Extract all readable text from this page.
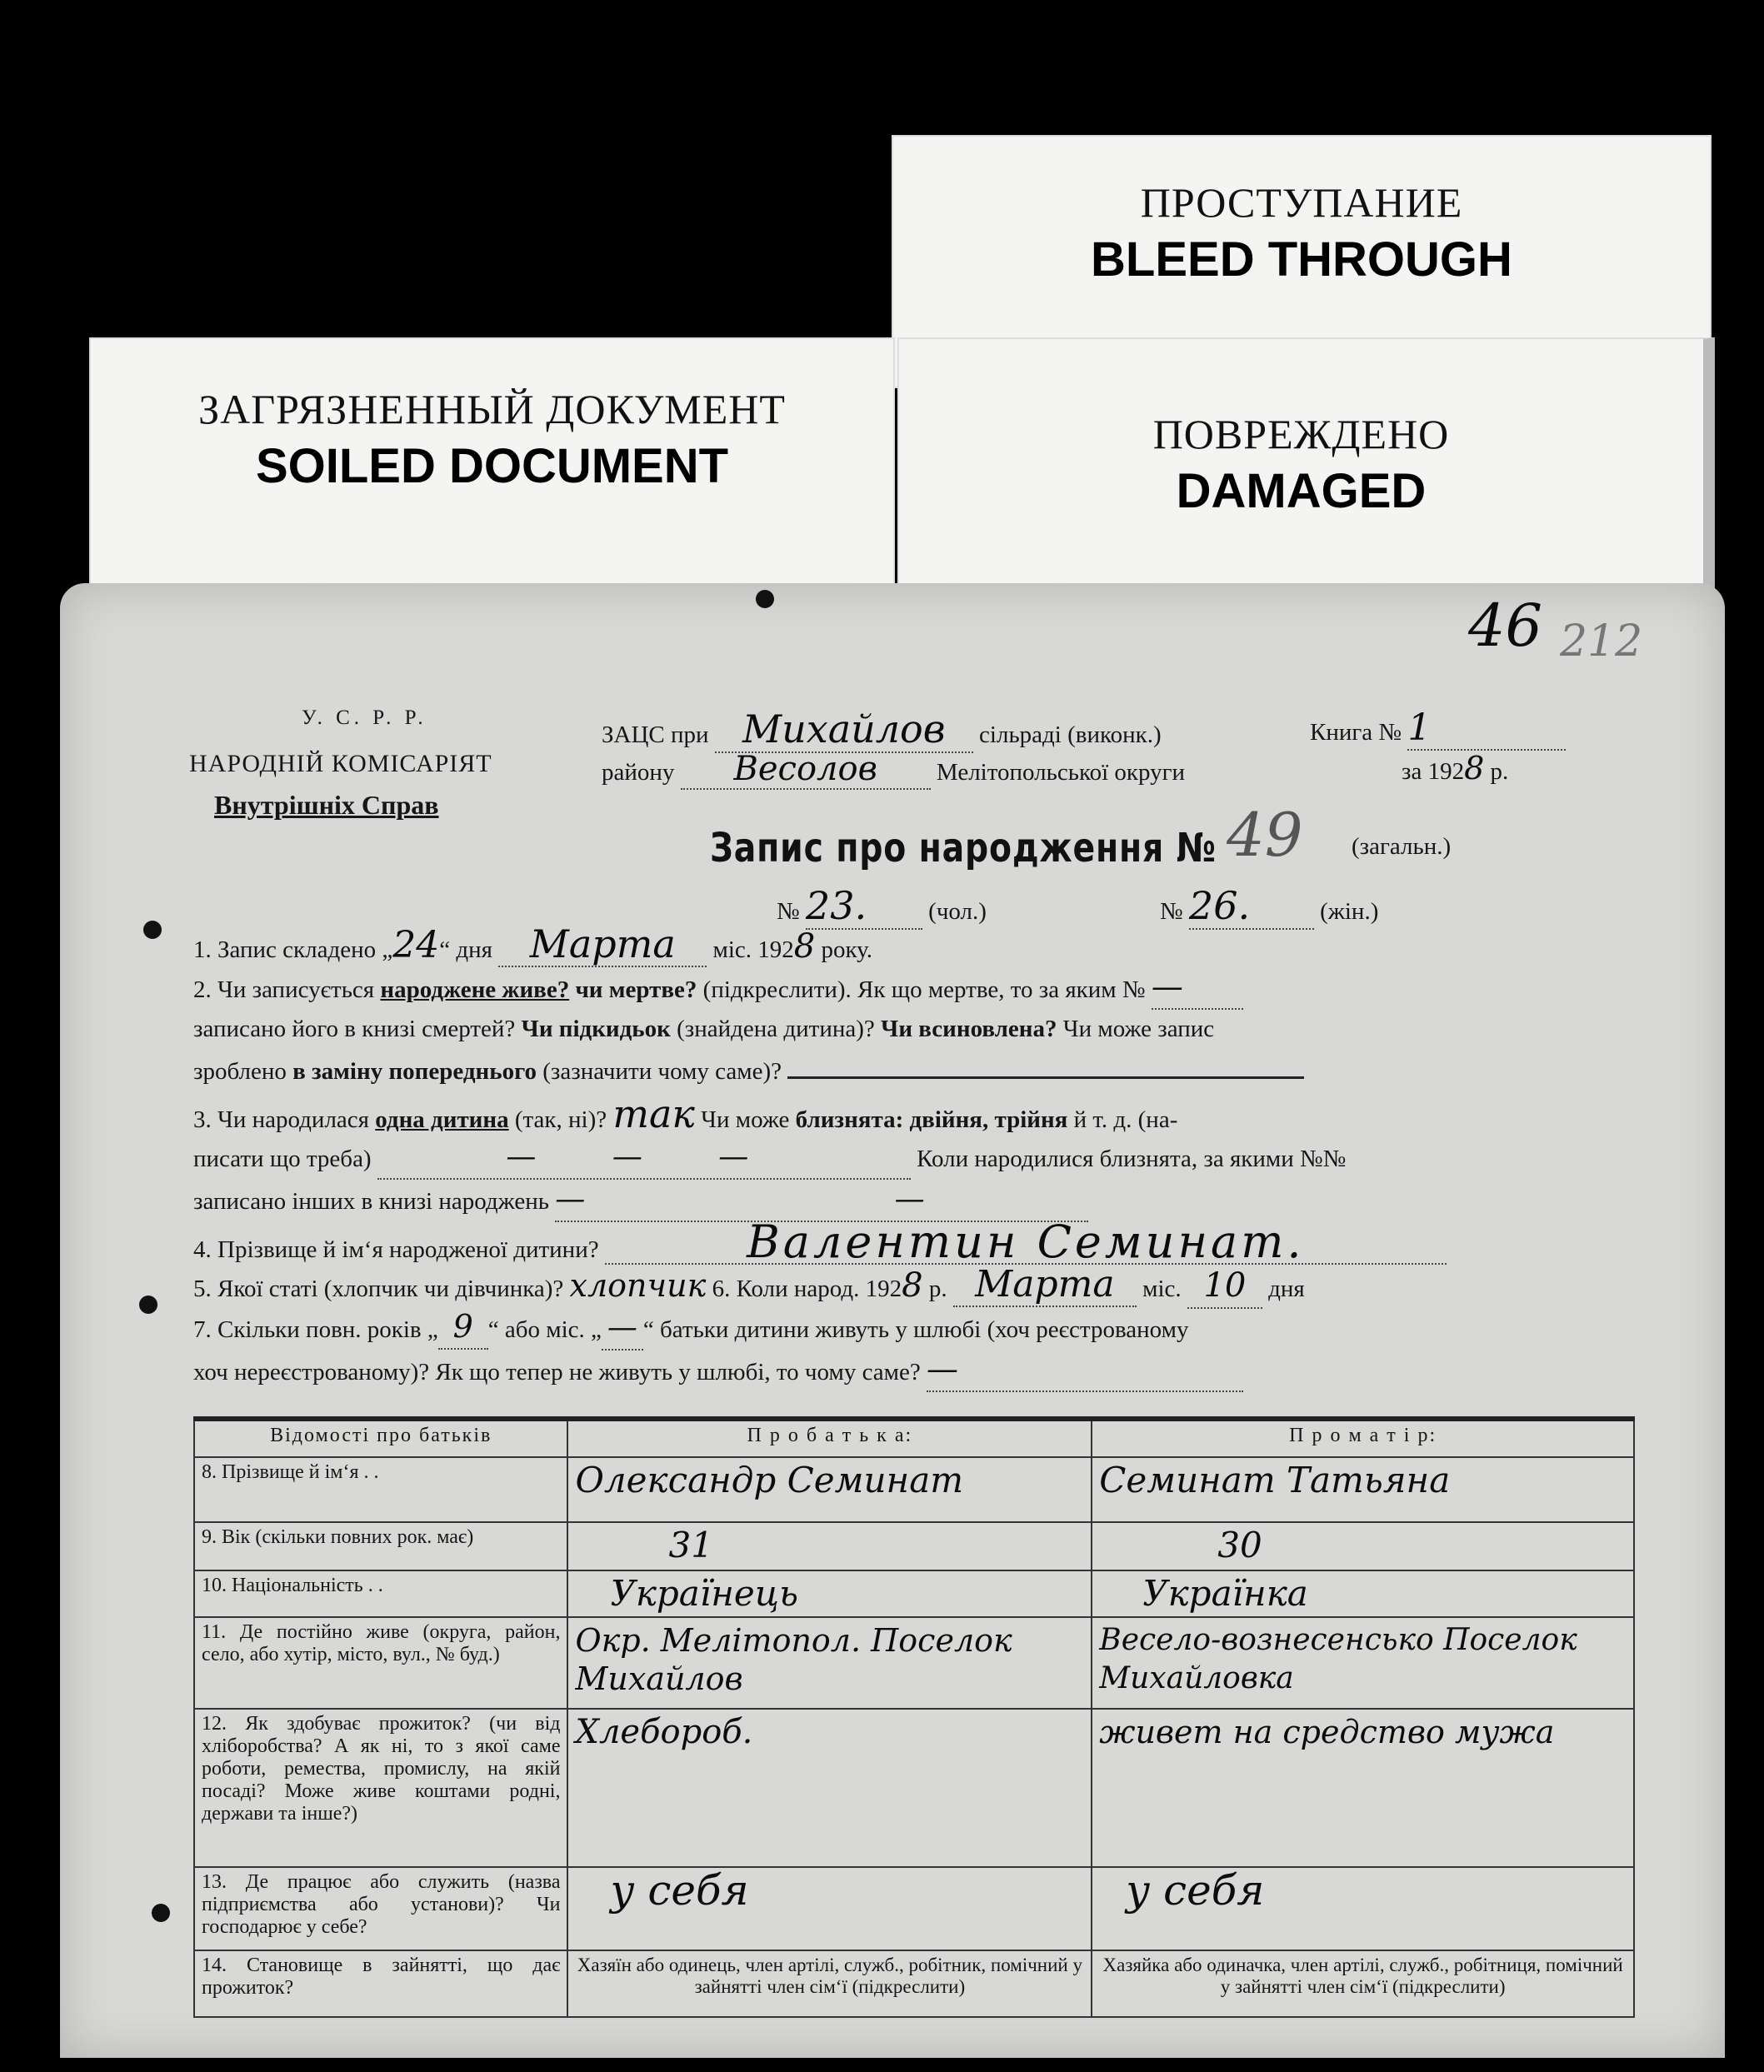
ПРОСТУПАНИЕ
BLEED THROUGH
ЗАГРЯЗНЕННЫЙ ДОКУМЕНТ
SOILED DOCUMENT
ПОВРЕЖДЕНО
DAMAGED
46 212
У. С. Р. Р.
НАРОДНІЙ КОМІСАРІЯТ
Внутрішніх Справ
ЗАЦС при Михайлов сільраді (виконк.)	Книга № 1
району Весолов Мелітопольської округи	за 1928 р.
Запис про народження № 49 (загальн.)
№ 23.	(чол.)	№ 26.	(жін.)
1. Запис складено „24“ дня Марта міс. 1928 року.
2. Чи записується народжене живе? чи мертве? (підкреслити). Як що мертве, то за яким № —
записано його в книзі смертей? Чи підкидьок (знайдена дитина)? Чи всиновлена? Чи може запис
зроблено в заміну попереднього (зазначити чому саме)?
3. Чи народилася одна дитина (так, ні)? так Чи може близнята: двійня, трійня й т. д. (на-
писати що треба)	— — —	Коли народилися близнята, за якими №№
записано інших в книзі народжень — —
4. Прізвище й ім‘я народженої дитини?	Валентин Семинат.
5. Якої статі (хлопчик чи дівчинка)? хлопчик 6. Коли народ. 1928 р. Марта міс. 10 дня
7. Скільки повн. років „ 9 “ або міс. „ — “ батьки дитини живуть у шлюбі (хоч реєстрованому
хоч нереєстрованому)? Як що тепер не живуть у шлюбі, то чому саме? —
Відомості про батьків	П р о б а т ь к а:	П р о м а т і р:
8. Прізвище й ім‘я . .	Олександр Семинат	Семинат Татьяна
9. Вік (скільки повних рок. має)	31	30
10. Національність . .	Українець	Українка
11. Де постійно живе (округа, район, село, або хутір, місто, вул., № буд.)	Окр. Мелітопол. Поселок Михайлов	Весело-вознесенсько Поселок Михайловка
12. Як здобуває прожиток? (чи від хліборобства? А як ні, то з якої саме роботи, ремества, промислу, на якій посаді? Може живе коштами родні, держави та інше?)	Хлебороб.	живет на средство мужа
13. Де працює або служить (назва підприємства або установи)? Чи господарює у себе?	у себя	у себя
14. Становище в зайнятті, що дає прожиток?	Хазяїн або одинець, член артілі, служб., робітник, помічний у зайнятті член сім‘ї (підкреслити)	Хазяйка або одиначка, член артілі, служб., робітниця, помічний у зайнятті член сім‘ї (підкреслити)
